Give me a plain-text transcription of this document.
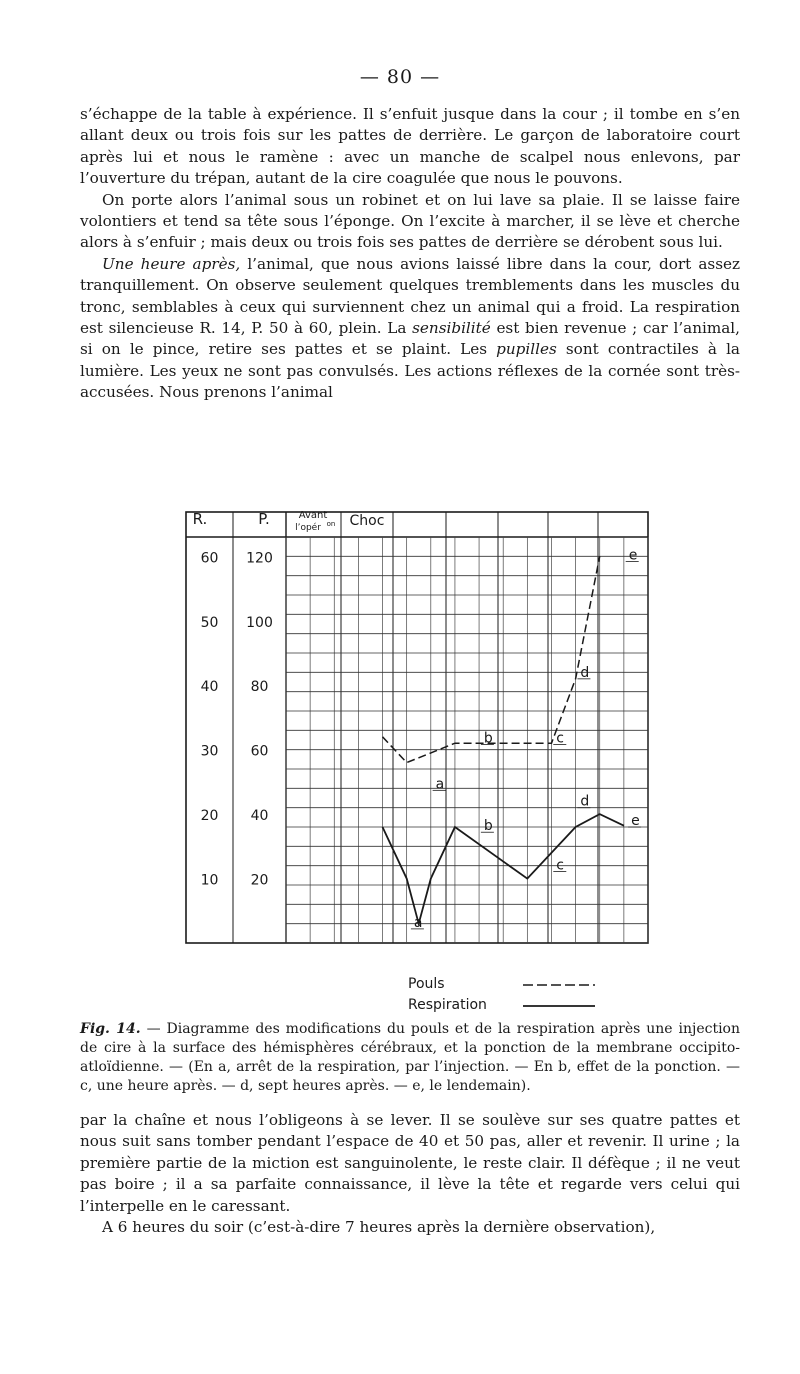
— 80 —

s’échappe de la table à expérience. Il s’enfuit jusque dans la cour ; il tombe en s’en allant deux ou trois fois sur les pattes de derrière. Le garçon de laboratoire court après lui et nous le ramène : avec un manche de scalpel nous enlevons, par l’ouverture du trépan, autant de la cire coagulée que nous le pouvons.

On porte alors l’animal sous un robinet et on lui lave sa plaie. Il se laisse faire volontiers et tend sa tête sous l’éponge. On l’excite à marcher, il se lève et cherche alors à s’enfuir ; mais deux ou trois fois ses pattes de derrière se dérobent sous lui.

Une heure après, l’animal, que nous avions laissé libre dans la cour, dort assez tranquillement. On observe seulement quelques tremblements dans les muscles du tronc, semblables à ceux qui surviennent chez un animal qui a froid. La respiration est silencieuse R. 14, P. 50 à 60, plein. La sensibilité est bien revenue ; car l’animal, si on le pince, retire ses pattes et se plaint. Les pupilles sont contractiles à la lumière. Les yeux ne sont pas convulsés. Les actions réflexes de la cornée sont très-accusées. Nous prenons l’animal

R.	P.	Avant
l’opér on Choc
60
50
40
30
20
10
120
100
80
60
40
20
a
b	c
d
e
b
c
d
e
a
Pouls
Respiration
Fig. 14. — Diagramme des modifications du pouls et de la respiration après une injection de cire à la surface des hémisphères cérébraux, et la ponction de la membrane occipito-atloïdienne. — (En a, arrêt de la respiration, par l’injection. — En b, effet de la ponction. — c, une heure après. — d, sept heures après. — e, le lendemain).

par la chaîne et nous l’obligeons à se lever. Il se soulève sur ses quatre pattes et nous suit sans tomber pendant l’espace de 40 et 50 pas, aller et revenir. Il urine ; la première partie de la miction est sanguinolente, le reste clair. Il défèque ; il ne veut pas boire ; il a sa parfaite connaissance, il lève la tête et regarde vers celui qui l’interpelle en le caressant.

A 6 heures du soir (c’est-à-dire 7 heures après la dernière observation),
